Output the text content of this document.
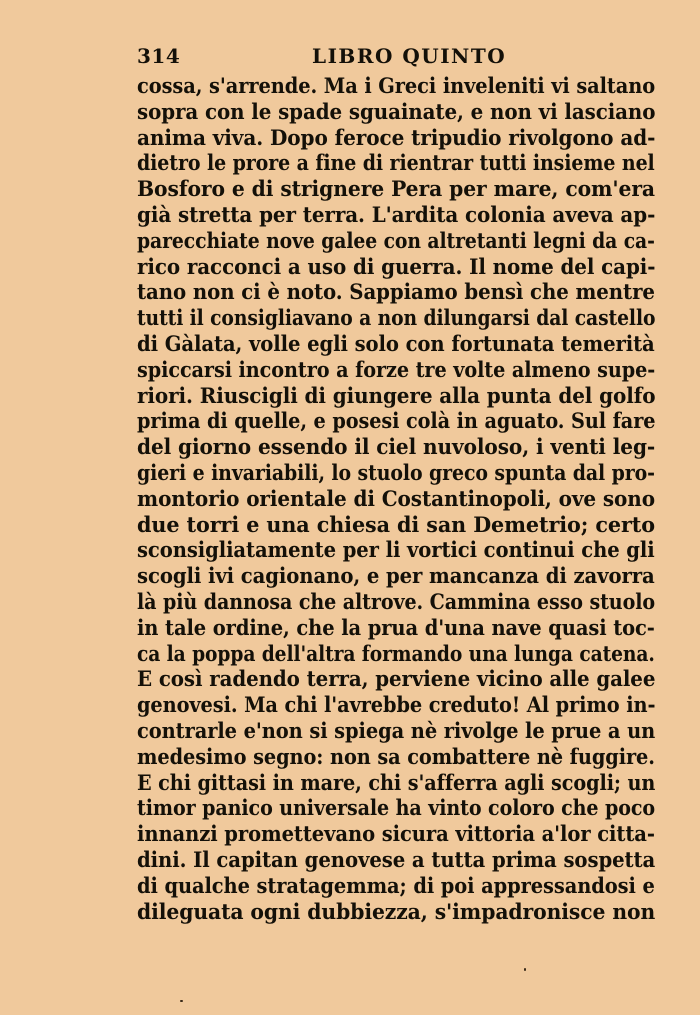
314	LIBRO QUINTO
cossa, s'arrende. Ma i Greci inveleniti vi saltano
sopra con le spade sguainate, e non vi lasciano
anima viva. Dopo feroce tripudio rivolgono ad-
dietro le prore a fine di rientrar tutti insieme nel
Bosforo e di strignere Pera per mare, com'era
già stretta per terra. L'ardita colonia aveva ap-
parecchiate nove galee con altretanti legni da ca-
rico racconci a uso di guerra. Il nome del capi-
tano non ci è noto. Sappiamo bensì che mentre
tutti il consigliavano a non dilungarsi dal castello
di Gàlata, volle egli solo con fortunata temerità
spiccarsi incontro a forze tre volte almeno supe-
riori. Riuscigli di giungere alla punta del golfo
prima di quelle, e posesi colà in aguato. Sul fare
del giorno essendo il ciel nuvoloso, i venti leg-
gieri e invariabili, lo stuolo greco spunta dal pro-
montorio orientale di Costantinopoli, ove sono
due torri e una chiesa di san Demetrio; certo
sconsigliatamente per li vortici continui che gli
scogli ivi cagionano, e per mancanza di zavorra
là più dannosa che altrove. Cammina esso stuolo
in tale ordine, che la prua d'una nave quasi toc-
ca la poppa dell'altra formando una lunga catena.
E così radendo terra, perviene vicino alle galee
genovesi. Ma chi l'avrebbe creduto! Al primo in-
contrarle e'non si spiega nè rivolge le prue a un
medesimo segno: non sa combattere nè fuggire.
E chi gittasi in mare, chi s'afferra agli scogli; un
timor panico universale ha vinto coloro che poco
innanzi promettevano sicura vittoria a'lor citta-
dini. Il capitan genovese a tutta prima sospetta
di qualche stratagemma; di poi appressandosi e
dileguata ogni dubbiezza, s'impadronisce non
